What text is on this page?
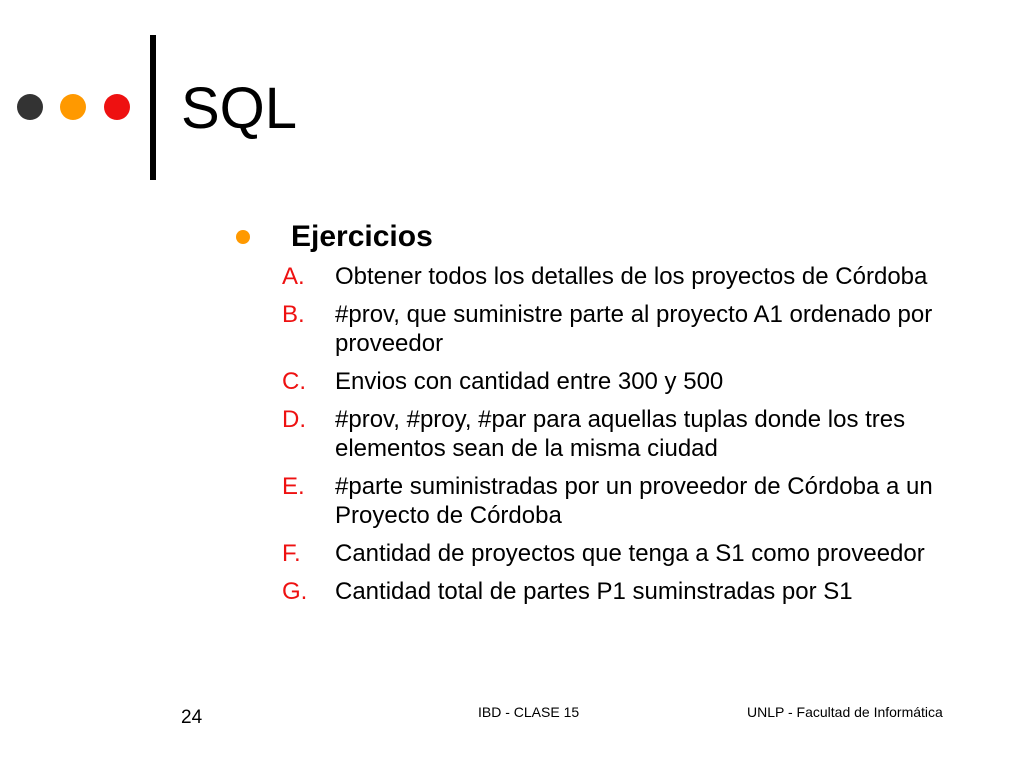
SQL
Ejercicios
A.	Obtener todos los detalles de los proyectos de Córdoba
B.	#prov, que suministre parte al proyecto A1 ordenado por proveedor
C.	Envios con cantidad entre 300 y 500
D.	#prov, #proy, #par para aquellas tuplas donde los tres elementos sean de la misma ciudad
E.	#parte suministradas por un proveedor de Córdoba a un Proyecto de Córdoba
F.	Cantidad de proyectos que tenga a S1 como proveedor
G.	Cantidad total de partes P1 suminstradas por S1
24	IBD - CLASE 15	UNLP - Facultad de Informática
